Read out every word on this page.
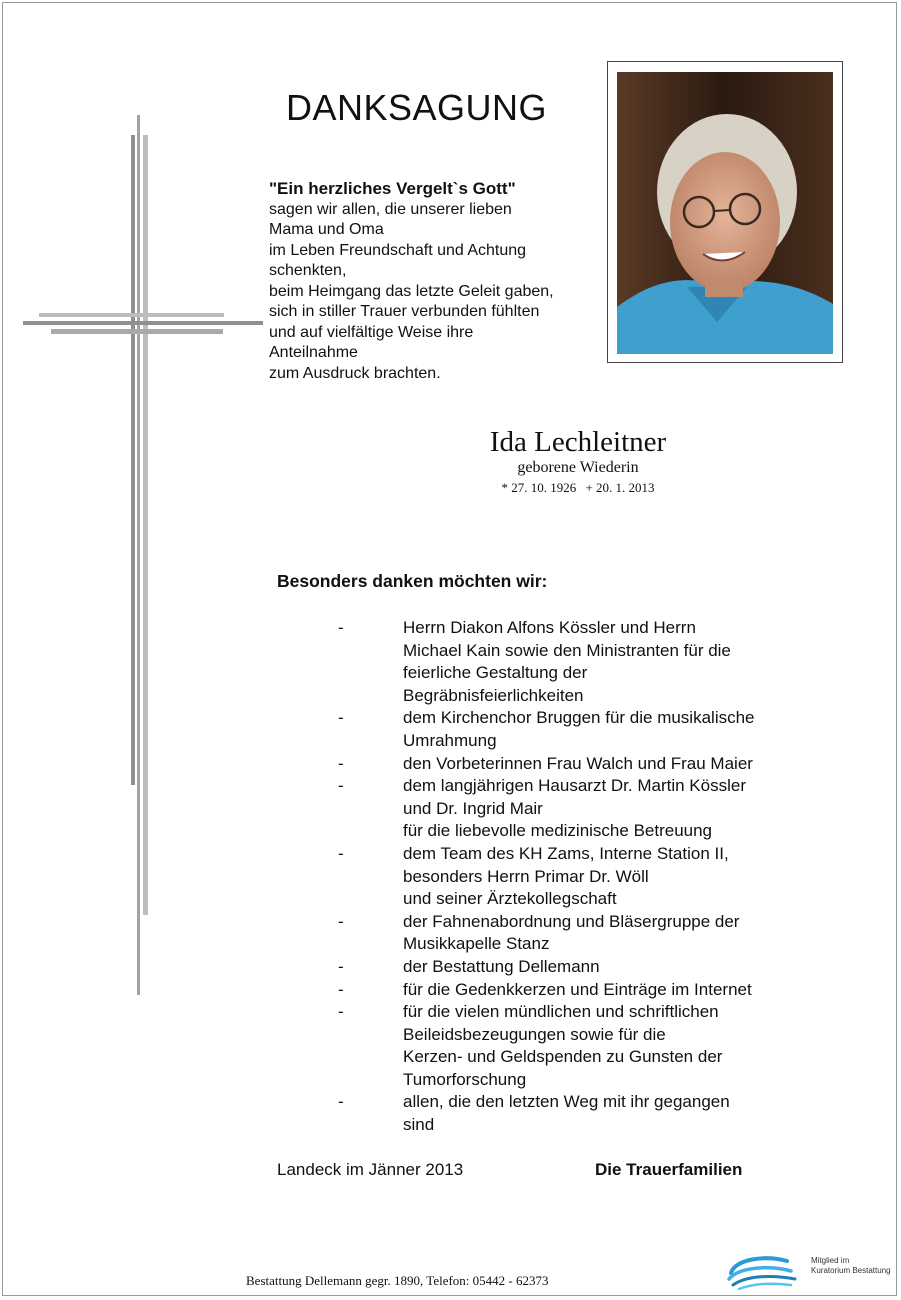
DANKSAGUNG
"Ein herzliches Vergelt`s Gott"
sagen wir allen, die unserer lieben
Mama und Oma
im Leben Freundschaft und Achtung
schenkten,
beim Heimgang das letzte Geleit gaben,
sich in stiller Trauer verbunden fühlten
und auf vielfältige Weise ihre
Anteilnahme
zum Ausdruck brachten.
Ida Lechleitner
geborene Wiederin
* 27. 10. 1926 + 20. 1. 2013
Besonders danken möchten wir:
-	Herrn Diakon Alfons Kössler und Herrn
Michael Kain sowie den Ministranten für die
feierliche Gestaltung der
Begräbnisfeierlichkeiten
-	dem Kirchenchor Bruggen für die musikalische
Umrahmung
-	den Vorbeterinnen Frau Walch und Frau Maier
-	dem langjährigen Hausarzt Dr. Martin Kössler
und Dr. Ingrid Mair
für die liebevolle medizinische Betreuung
-	dem Team des KH Zams, Interne Station II,
besonders Herrn Primar Dr. Wöll
und seiner Ärztekollegschaft
-	der Fahnenabordnung und Bläsergruppe der
Musikkapelle Stanz
-	der Bestattung Dellemann
-	für die Gedenkkerzen und Einträge im Internet
-	für die vielen mündlichen und schriftlichen
Beileidsbezeugungen sowie für die
Kerzen- und Geldspenden zu Gunsten der
Tumorforschung
-	allen, die den letzten Weg mit ihr gegangen
sind
Landeck im Jänner 2013	Die Trauerfamilien
Bestattung Dellemann gegr. 1890, Telefon: 05442 - 62373
Mitglied im
Kuratorium Bestattung
